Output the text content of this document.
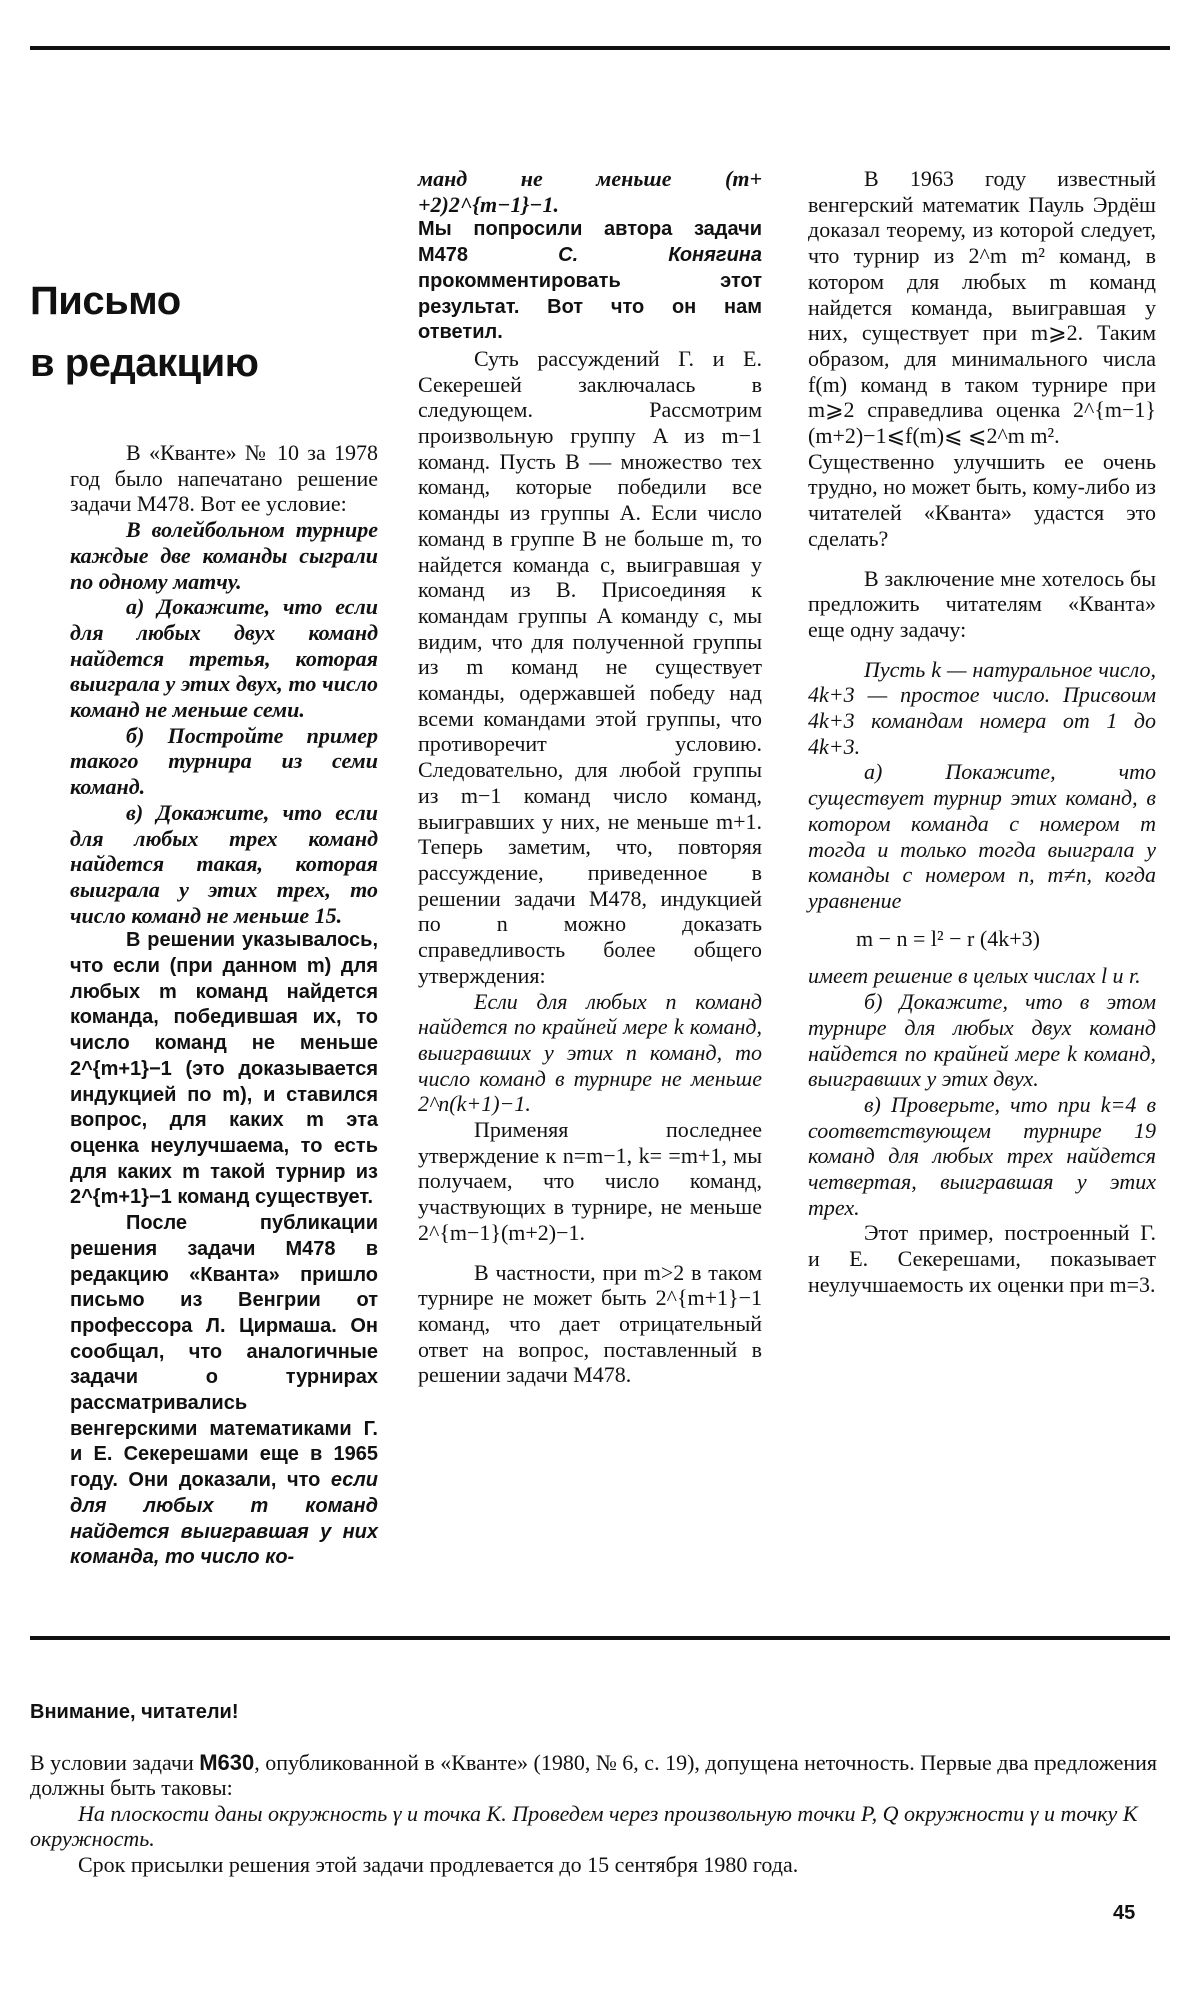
Письмо
в редакцию

В «Кванте» № 10 за 1978 год было напечатано решение задачи М478. Вот ее условие:

В волейбольном турнире каждые две команды сыграли по одному матчу.

а) Докажите, что если для любых двух команд найдется третья, которая выиграла у этих двух, то число команд не меньше семи.

б) Постройте пример такого турнира из семи команд.

в) Докажите, что если для любых трех команд найдется такая, которая выиграла у этих трех, то число команд не меньше 15.

В решении указывалось, что если (при данном m) для любых m команд найдется команда, победившая их, то число команд не меньше 2^{m+1}−1 (это доказывается индукцией по m), и ставился вопрос, для каких m эта оценка неулучшаема, то есть для каких m такой турнир из 2^{m+1}−1 команд существует.

После публикации решения задачи М478 в редакцию «Кванта» пришло письмо из Венгрии от профессора Л. Цирмаша. Он сообщал, что аналогичные задачи о турнирах рассматривались венгерскими математиками Г. и Е. Секерешами еще в 1965 году. Они доказали, что если для любых m команд найдется выигравшая у них команда, то число ко-

манд не меньше (m+ +2)2^{m−1}−1.

Мы попросили автора задачи М478 С. Конягина прокомментировать этот результат. Вот что он нам ответил.

Суть рассуждений Г. и Е. Секерешей заключалась в следующем. Рассмотрим произвольную группу A из m−1 команд. Пусть B — множество тех команд, которые победили все команды из группы A. Если число команд в группе B не больше m, то найдется команда c, выигравшая у команд из B. Присоединяя к командам группы A команду c, мы видим, что для полученной группы из m команд не существует команды, одержавшей победу над всеми командами этой группы, что противоречит условию. Следовательно, для любой группы из m−1 команд число команд, выигравших у них, не меньше m+1. Теперь заметим, что, повторяя рассуждение, приведенное в решении задачи М478, индукцией по n можно доказать справедливость более общего утверждения:

Если для любых n команд найдется по крайней мере k команд, выигравших у этих n команд, то число команд в турнире не меньше 2^n(k+1)−1.

Применяя последнее утверждение к n=m−1, k= =m+1, мы получаем, что число команд, участвующих в турнире, не меньше 2^{m−1}(m+2)−1.

В частности, при m>2 в таком турнире не может быть 2^{m+1}−1 команд, что дает отрицательный ответ на вопрос, поставленный в решении задачи М478.

В 1963 году известный венгерский математик Пауль Эрдёш доказал теорему, из которой следует, что турнир из 2^m m² команд, в котором для любых m команд найдется команда, выигравшая у них, существует при m⩾2. Таким образом, для минимального числа f(m) команд в таком турнире при m⩾2 справедлива оценка 2^{m−1}(m+2)−1⩽f(m)⩽ ⩽2^m m².

Существенно улучшить ее очень трудно, но может быть, кому-либо из читателей «Кванта» удастся это сделать?

В заключение мне хотелось бы предложить читателям «Кванта» еще одну задачу:

Пусть k — натуральное число, 4k+3 — простое число. Присвоим 4k+3 командам номера от 1 до 4k+3.

а) Покажите, что существует турнир этих команд, в котором команда с номером m тогда и только тогда выиграла у команды с номером n, m≠n, когда уравнение

m − n = l² − r (4k+3)

имеет решение в целых числах l и r.

б) Докажите, что в этом турнире для любых двух команд найдется по крайней мере k команд, выигравших у этих двух.

в) Проверьте, что при k=4 в соответствующем турнире 19 команд для любых трех найдется четвертая, выигравшая у этих трех.

Этот пример, построенный Г. и Е. Секерешами, показывает неулучшаемость их оценки при m=3.

Внимание, читатели!

В условии задачи М630, опубликованной в «Кванте» (1980, № 6, с. 19), допущена неточность. Первые два предложения должны быть таковы:

На плоскости даны окружность γ и точка K. Проведем через произвольную точки P, Q окружности γ и точку K окружность.

Срок присылки решения этой задачи продлевается до 15 сентября 1980 года.

45
